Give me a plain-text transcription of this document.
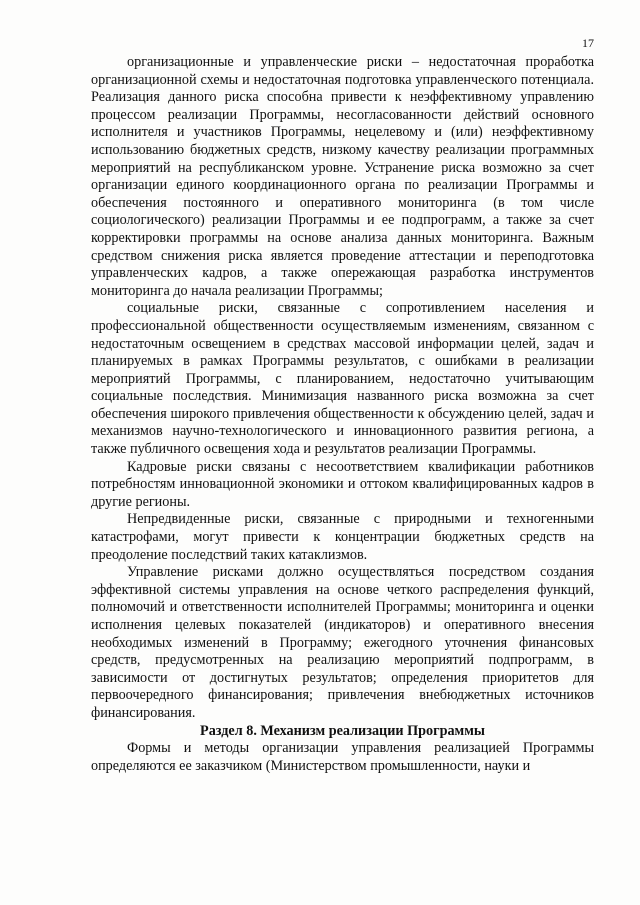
17

организационные и управленческие риски – недостаточная проработка организационной схемы и недостаточная подготовка управленческого потенциала. Реализация данного риска способна привести к неэффективному управлению процессом реализации Программы, несогласованности действий основного исполнителя и участников Программы, нецелевому и (или) неэффективному использованию бюджетных средств, низкому качеству реализации программных мероприятий на республиканском уровне. Устранение риска возможно за счет организации единого координационного органа по реализации Программы и обеспечения постоянного и оперативного мониторинга (в том числе социологического) реализации Программы и ее подпрограмм, а также за счет корректировки программы на основе анализа данных мониторинга. Важным средством снижения риска является проведение аттестации и переподготовка управленческих кадров, а также опережающая разработка инструментов мониторинга до начала реализации Программы;

социальные риски, связанные с сопротивлением населения и профессиональной общественности осуществляемым изменениям, связанном с недостаточным освещением в средствах массовой информации целей, задач и планируемых в рамках Программы результатов, с ошибками в реализации мероприятий Программы, с планированием, недостаточно учитывающим социальные последствия. Минимизация названного риска возможна за счет обеспечения широкого привлечения общественности к обсуждению целей, задач и механизмов научно-технологического и инновационного развития региона, а также публичного освещения хода и результатов реализации Программы.

Кадровые риски связаны с несоответствием квалификации работников потребностям инновационной экономики и оттоком квалифицированных кадров в другие регионы.

Непредвиденные риски, связанные с природными и техногенными катастрофами, могут привести к концентрации бюджетных средств на преодоление последствий таких катаклизмов.

Управление рисками должно осуществляться посредством создания эффективной системы управления на основе четкого распределения функций, полномочий и ответственности исполнителей Программы; мониторинга и оценки исполнения целевых показателей (индикаторов) и оперативного внесения необходимых изменений в Программу; ежегодного уточнения финансовых средств, предусмотренных на реализацию мероприятий подпрограмм, в зависимости от достигнутых результатов; определения приоритетов для первоочередного финансирования; привлечения внебюджетных источников финансирования.

Раздел 8. Механизм реализации Программы

Формы и методы организации управления реализацией Программы определяются ее заказчиком (Министерством промышленности, науки и
